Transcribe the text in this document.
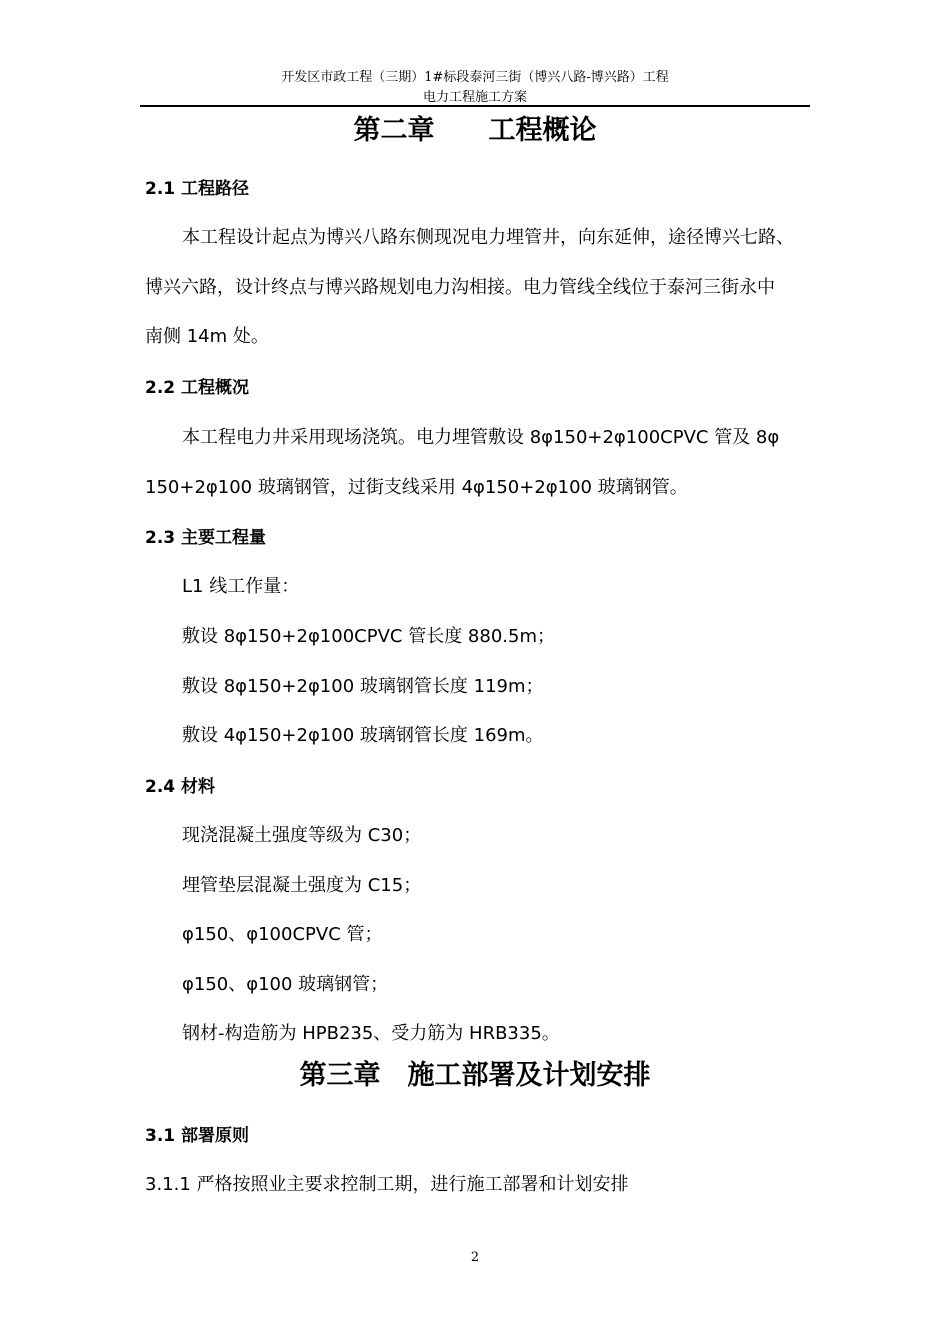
开发区市政工程（三期）1#标段泰河三街（博兴八路-博兴路）工程
电力工程施工方案
第二章　　工程概论
2.1 工程路径
本工程设计起点为博兴八路东侧现况电力埋管井，向东延伸，途径博兴七路、
博兴六路，设计终点与博兴路规划电力沟相接。电力管线全线位于泰河三街永中
南侧 14m 处。
2.2 工程概况
本工程电力井采用现场浇筑。电力埋管敷设 8φ150+2φ100CPVC 管及 8φ
150+2φ100 玻璃钢管，过街支线采用 4φ150+2φ100 玻璃钢管。
2.3 主要工程量
L1 线工作量：
敷设 8φ150+2φ100CPVC 管长度 880.5m；
敷设 8φ150+2φ100 玻璃钢管长度 119m；
敷设 4φ150+2φ100 玻璃钢管长度 169m。
2.4 材料
现浇混凝土强度等级为 C30；
埋管垫层混凝土强度为 C15；
φ150、φ100CPVC 管；
φ150、φ100 玻璃钢管；
钢材-构造筋为 HPB235、受力筋为 HRB335。
第三章　施工部署及计划安排
3.1 部署原则
3.1.1 严格按照业主要求控制工期，进行施工部署和计划安排
2
